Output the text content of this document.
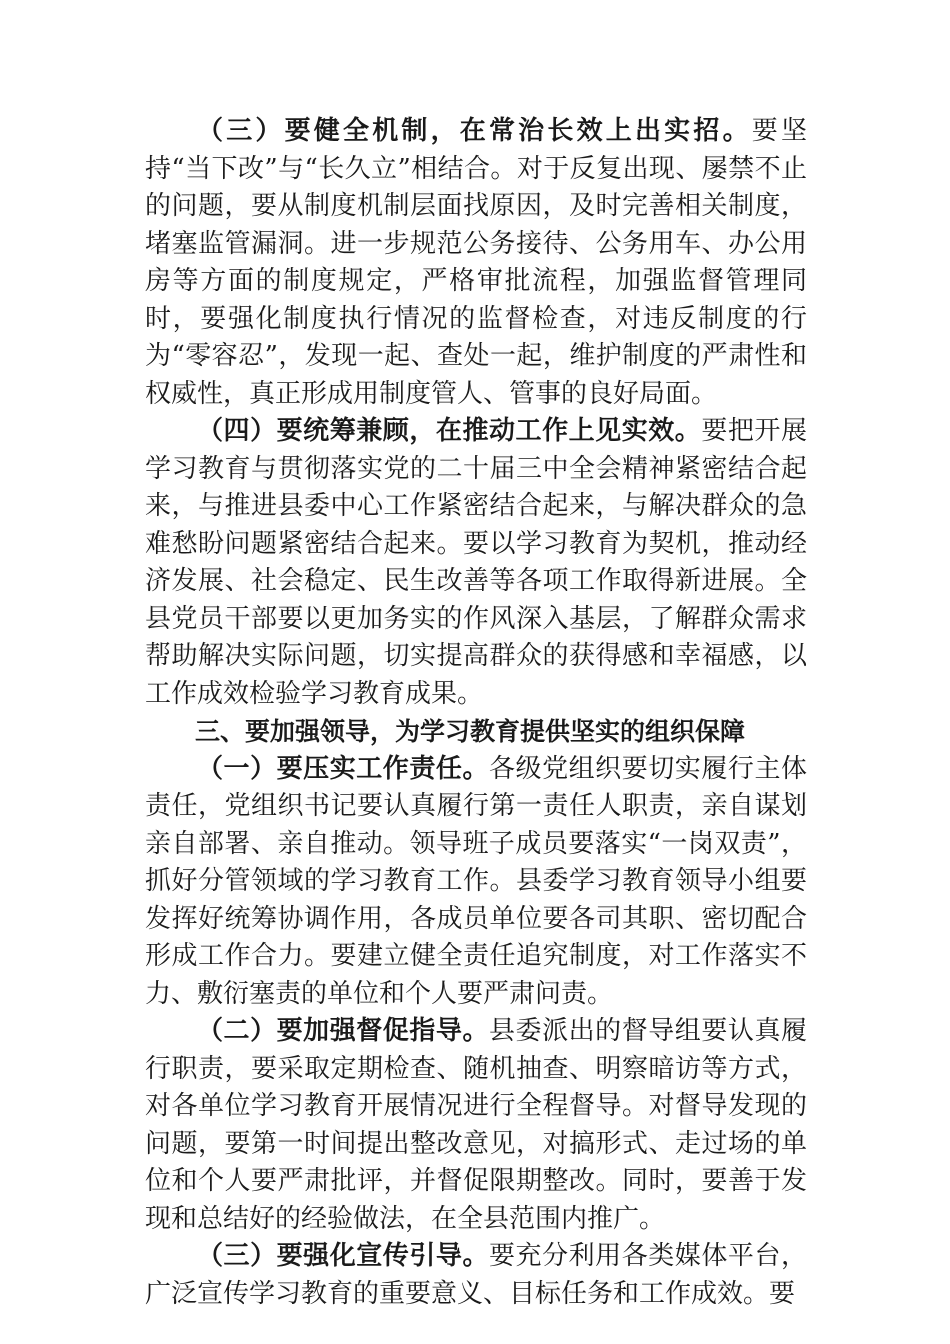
（三）要健全机制，在常治长效上出实招。要坚持“当下改”与“长久立”相结合。对于反复出现、屡禁不止的问题，要从制度机制层面找原因，及时完善相关制度，堵塞监管漏洞。进一步规范公务接待、公务用车、办公用房等方面的制度规定，严格审批流程，加强监督管理同时，要强化制度执行情况的监督检查，对违反制度的行为“零容忍”，发现一起、查处一起，维护制度的严肃性和权威性，真正形成用制度管人、管事的良好局面。

（四）要统筹兼顾，在推动工作上见实效。要把开展学习教育与贯彻落实党的二十届三中全会精神紧密结合起来，与推进县委中心工作紧密结合起来，与解决群众的急难愁盼问题紧密结合起来。要以学习教育为契机，推动经济发展、社会稳定、民生改善等各项工作取得新进展。全县党员干部要以更加务实的作风深入基层，了解群众需求帮助解决实际问题，切实提高群众的获得感和幸福感，以工作成效检验学习教育成果。

三、要加强领导，为学习教育提供坚实的组织保障

（一）要压实工作责任。各级党组织要切实履行主体责任，党组织书记要认真履行第一责任人职责，亲自谋划亲自部署、亲自推动。领导班子成员要落实“一岗双责”，抓好分管领域的学习教育工作。县委学习教育领导小组要发挥好统筹协调作用，各成员单位要各司其职、密切配合形成工作合力。要建立健全责任追究制度，对工作落实不力、敷衍塞责的单位和个人要严肃问责。

（二）要加强督促指导。县委派出的督导组要认真履行职责，要采取定期检查、随机抽查、明察暗访等方式，对各单位学习教育开展情况进行全程督导。对督导发现的问题，要第一时间提出整改意见，对搞形式、走过场的单位和个人要严肃批评，并督促限期整改。同时，要善于发现和总结好的经验做法，在全县范围内推广。

（三）要强化宣传引导。要充分利用各类媒体平台，广泛宣传学习教育的重要意义、目标任务和工作成效。要
